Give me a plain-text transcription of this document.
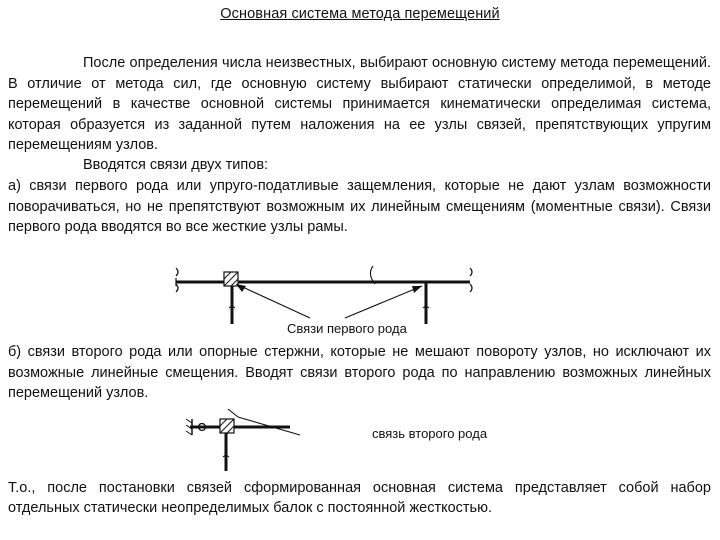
Основная система метода перемещений

После определения числа неизвестных, выбирают основную систему метода перемещений. В отличие от метода сил, где основную систему выбирают статически определимой, в методе перемещений в качестве основной системы принимается кинематически определимая система, которая образуется из заданной путем наложения на ее узлы связей, препятствующих упругим перемещениям узлов.

Вводятся связи двух типов:

а) связи первого рода или упруго-податливые защемления, которые не дают узлам возможности поворачиваться, но не препятствуют возможным их линейным смещениям (моментные связи). Связи первого рода вводятся во все жесткие узлы рамы.

Связи первого рода

б) связи второго рода или опорные стержни, которые не мешают повороту узлов, но исключают их возможные линейные смещения. Вводят связи второго рода по направлению возможных линейных перемещений узлов.

связь второго рода

Т.о., после постановки связей сформированная основная система представляет собой набор отдельных статически неопределимых балок с постоянной жесткостью.
